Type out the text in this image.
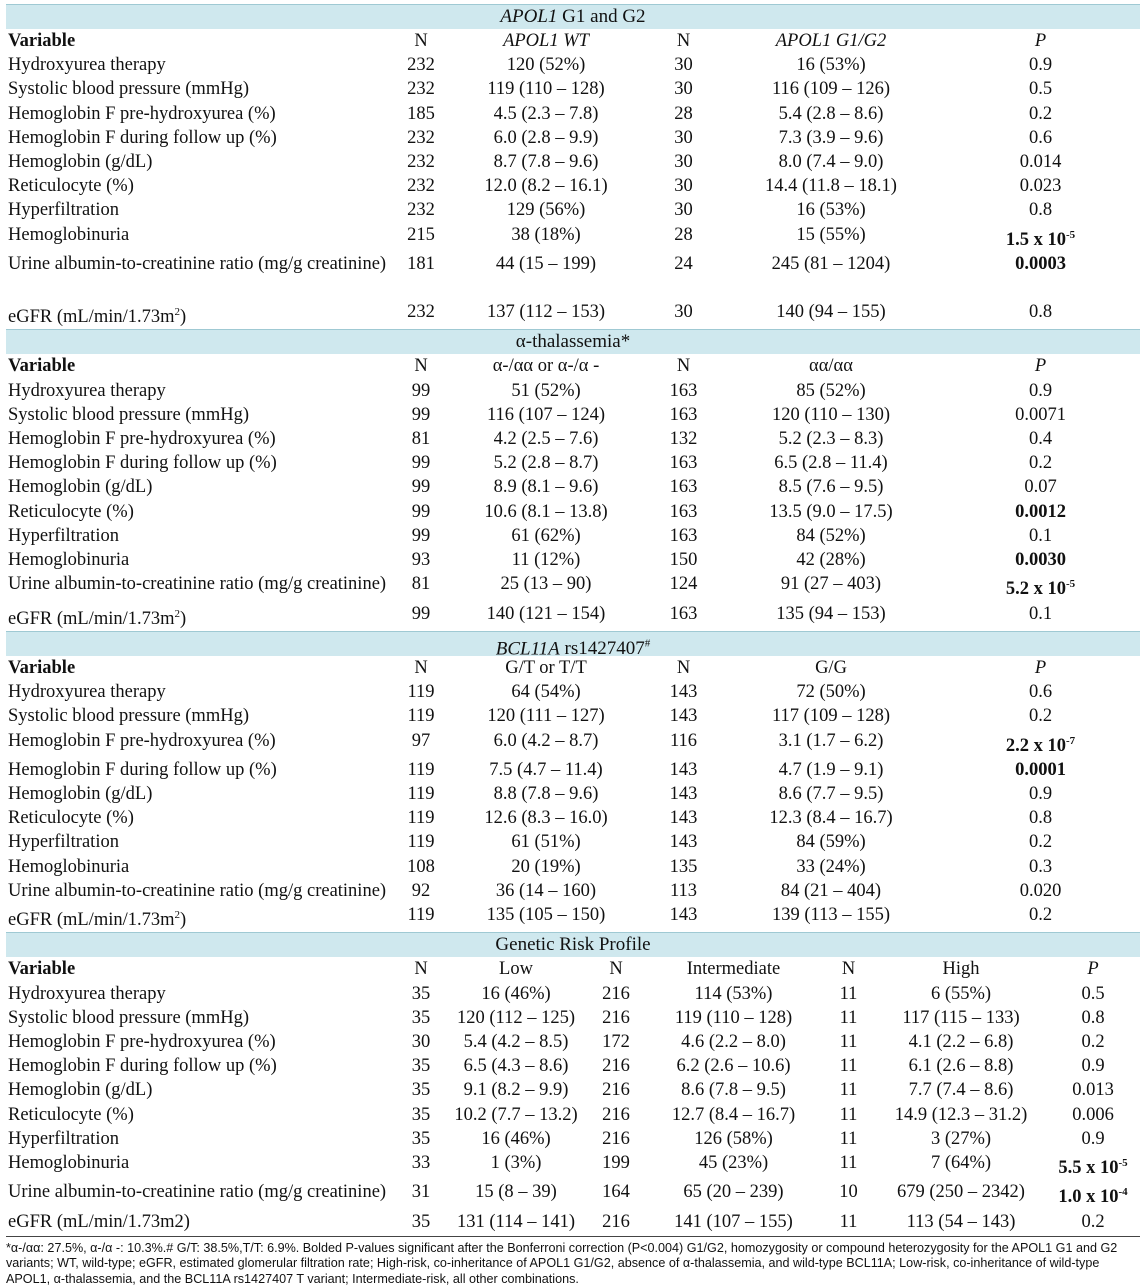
APOL1 G1 and G2
Variable	N	APOL1 WT	N	APOL1 G1/G2	P
Hydroxyurea therapy	232	120 (52%)	30	16 (53%)	0.9
Systolic blood pressure (mmHg)	232	119 (110 – 128)	30	116 (109 – 126)	0.5
Hemoglobin F pre-hydroxyurea (%)	185	4.5 (2.3 – 7.8)	28	5.4 (2.8 – 8.6)	0.2
Hemoglobin F during follow up (%)	232	6.0 (2.8 – 9.9)	30	7.3 (3.9 – 9.6)	0.6
Hemoglobin (g/dL)	232	8.7 (7.8 – 9.6)	30	8.0 (7.4 – 9.0)	0.014
Reticulocyte (%)	232	12.0 (8.2 – 16.1)	30	14.4 (11.8 – 18.1)	0.023
Hyperfiltration	232	129 (56%)	30	16 (53%)	0.8
Hemoglobinuria	215	38 (18%)	28	15 (55%)	1.5 x $10^{-5}$
Urine albumin-to-creatinine ratio (mg/g creatinine)	181	44 (15 – 199)	24	245 (81 – 1204)	0.0003
eGFR $(mL/\min/1.73m^2)$	232	137 (112 – 153)	30	140 (94 – 155)	0.8
α-thalassemia*
Variable	N	α-/αα or α-/α -	N	αα/αα	P
Hydroxyurea therapy	99	51 (52%)	163	85 (52%)	0.9
Systolic blood pressure (mmHg)	99	116 (107 – 124)	163	120 (110 – 130)	0.0071
Hemoglobin F pre-hydroxyurea (%)	81	4.2 (2.5 – 7.6)	132	5.2 (2.3 – 8.3)	0.4
Hemoglobin F during follow up (%)	99	5.2 (2.8 – 8.7)	163	6.5 (2.8 – 11.4)	0.2
Hemoglobin (g/dL)	99	8.9 (8.1 – 9.6)	163	8.5 (7.6 – 9.5)	0.07
Reticulocyte (%)	99	10.6 (8.1 – 13.8)	163	13.5 (9.0 – 17.5)	0.0012
Hyperfiltration	99	61 (62%)	163	84 (52%)	0.1
Hemoglobinuria	93	11 (12%)	150	42 (28%)	0.0030
Urine albumin-to-creatinine ratio (mg/g creatinine)	81	25 (13 – 90)	124	91 (27 – 403)	5.2 x $10^{-5}$
eGFR $(mL/\min/1.73m^2)$	99	140 (121 – 154)	163	135 (94 – 153)	0.1
BCL11A rs1427407#
Variable	N	G/T or T/T	N	G/G	P
Hydroxyurea therapy	119	64 (54%)	143	72 (50%)	0.6
Systolic blood pressure (mmHg)	119	120 (111 – 127)	143	117 (109 – 128)	0.2
Hemoglobin F pre-hydroxyurea (%)	97	6.0 (4.2 – 8.7)	116	3.1 (1.7 – 6.2)	2.2 x $10^{-7}$
Hemoglobin F during follow up (%)	119	7.5 (4.7 – 11.4)	143	4.7 (1.9 – 9.1)	0.0001
Hemoglobin (g/dL)	119	8.8 (7.8 – 9.6)	143	8.6 (7.7 – 9.5)	0.9
Reticulocyte (%)	119	12.6 (8.3 – 16.0)	143	12.3 (8.4 – 16.7)	0.8
Hyperfiltration	119	61 (51%)	143	84 (59%)	0.2
Hemoglobinuria	108	20 (19%)	135	33 (24%)	0.3
Urine albumin-to-creatinine ratio (mg/g creatinine)	92	36 (14 – 160)	113	84 (21 – 404)	0.020
eGFR $(mL/\min/1.73m^2)$	119	135 (105 – 150)	143	139 (113 – 155)	0.2
Genetic Risk Profile
Variable	N	Low	N	Intermediate	N	High	P
Hydroxyurea therapy	35	16 (46%)	216	114 (53%)	11	6 (55%)	0.5
Systolic blood pressure (mmHg)	35	120 (112 – 125)	216	119 (110 – 128)	11	117 (115 – 133)	0.8
Hemoglobin F pre-hydroxyurea (%)	30	5.4 (4.2 – 8.5)	172	4.6 (2.2 – 8.0)	11	4.1 (2.2 – 6.8)	0.2
Hemoglobin F during follow up (%)	35	6.5 (4.3 – 8.6)	216	6.2 (2.6 – 10.6)	11	6.1 (2.6 – 8.8)	0.9
Hemoglobin (g/dL)	35	9.1 (8.2 – 9.9)	216	8.6 (7.8 – 9.5)	11	7.7 (7.4 – 8.6)	0.013
Reticulocyte (%)	35	10.2 (7.7 – 13.2)	216	12.7 (8.4 – 16.7)	11	14.9 (12.3 – 31.2)	0.006
Hyperfiltration	35	16 (46%)	216	126 (58%)	11	3 (27%)	0.9
Hemoglobinuria	33	1 (3%)	199	45 (23%)	11	7 (64%)	5.5 x $10^{-5}$
Urine albumin-to-creatinine ratio (mg/g creatinine)	31	15 (8 – 39)	164	65 (20 – 239)	10	679 (250 – 2342)	1.0 x $10^{-4}$
eGFR (mL/min/1.73m2)	35	131 (114 – 141)	216	141 (107 – 155)	11	113 (54 – 143)	0.2
*α-/αα: 27.5%, α-/α -: 10.3%.# G/T: 38.5%,T/T: 6.9%. Bolded P-values significant after the Bonferroni correction (P<0.004) G1/G2, homozygosity or compound heterozygosity for the APOL1 G1 and G2 variants; WT, wild-type; eGFR, estimated glomerular filtration rate; High-risk, co-inheritance of APOL1 G1/G2, absence of α-thalassemia, and wild-type BCL11A; Low-risk, co-inheritance of wild-type APOL1, α-thalassemia, and the BCL11A rs1427407 T variant; Intermediate-risk, all other combinations.
